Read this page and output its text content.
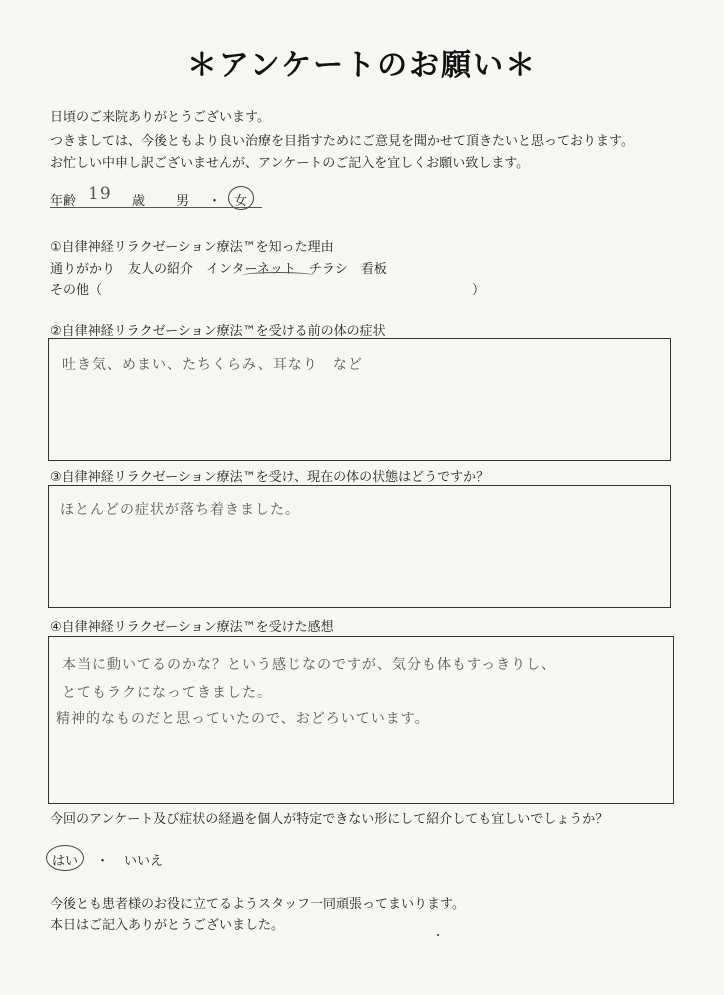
＊アンケートのお願い＊
日頃のご来院ありがとうございます。
つきましては、今後ともより良い治療を目指すためにご意見を聞かせて頂きたいと思っております。
お忙しい中申し訳ございませんが、アンケートのご記入を宜しくお願い致します。
年齢 19 歳 男 ・ 女
①自律神経リラクゼーション療法™を知った理由
通りがかり　友人の紹介　インターネット　チラシ　看板
その他（	）
②自律神経リラクゼーション療法™を受ける前の体の症状
吐き気、めまい、たちくらみ、耳なり　など
③自律神経リラクゼーション療法™を受け、現在の体の状態はどうですか？
ほとんどの症状が落ち着きました。
④自律神経リラクゼーション療法™を受けた感想
本当に動いてるのかな？という感じなのですが、気分も体もすっきりし、
とてもラクになってきました。
精神的なものだと思っていたので、おどろいています。
今回のアンケート及び症状の経過を個人が特定できない形にして紹介しても宜しいでしょうか？
はい ・ いいえ
今後とも患者様のお役に立てるようスタッフ一同頑張ってまいります。
本日はご記入ありがとうございました。
